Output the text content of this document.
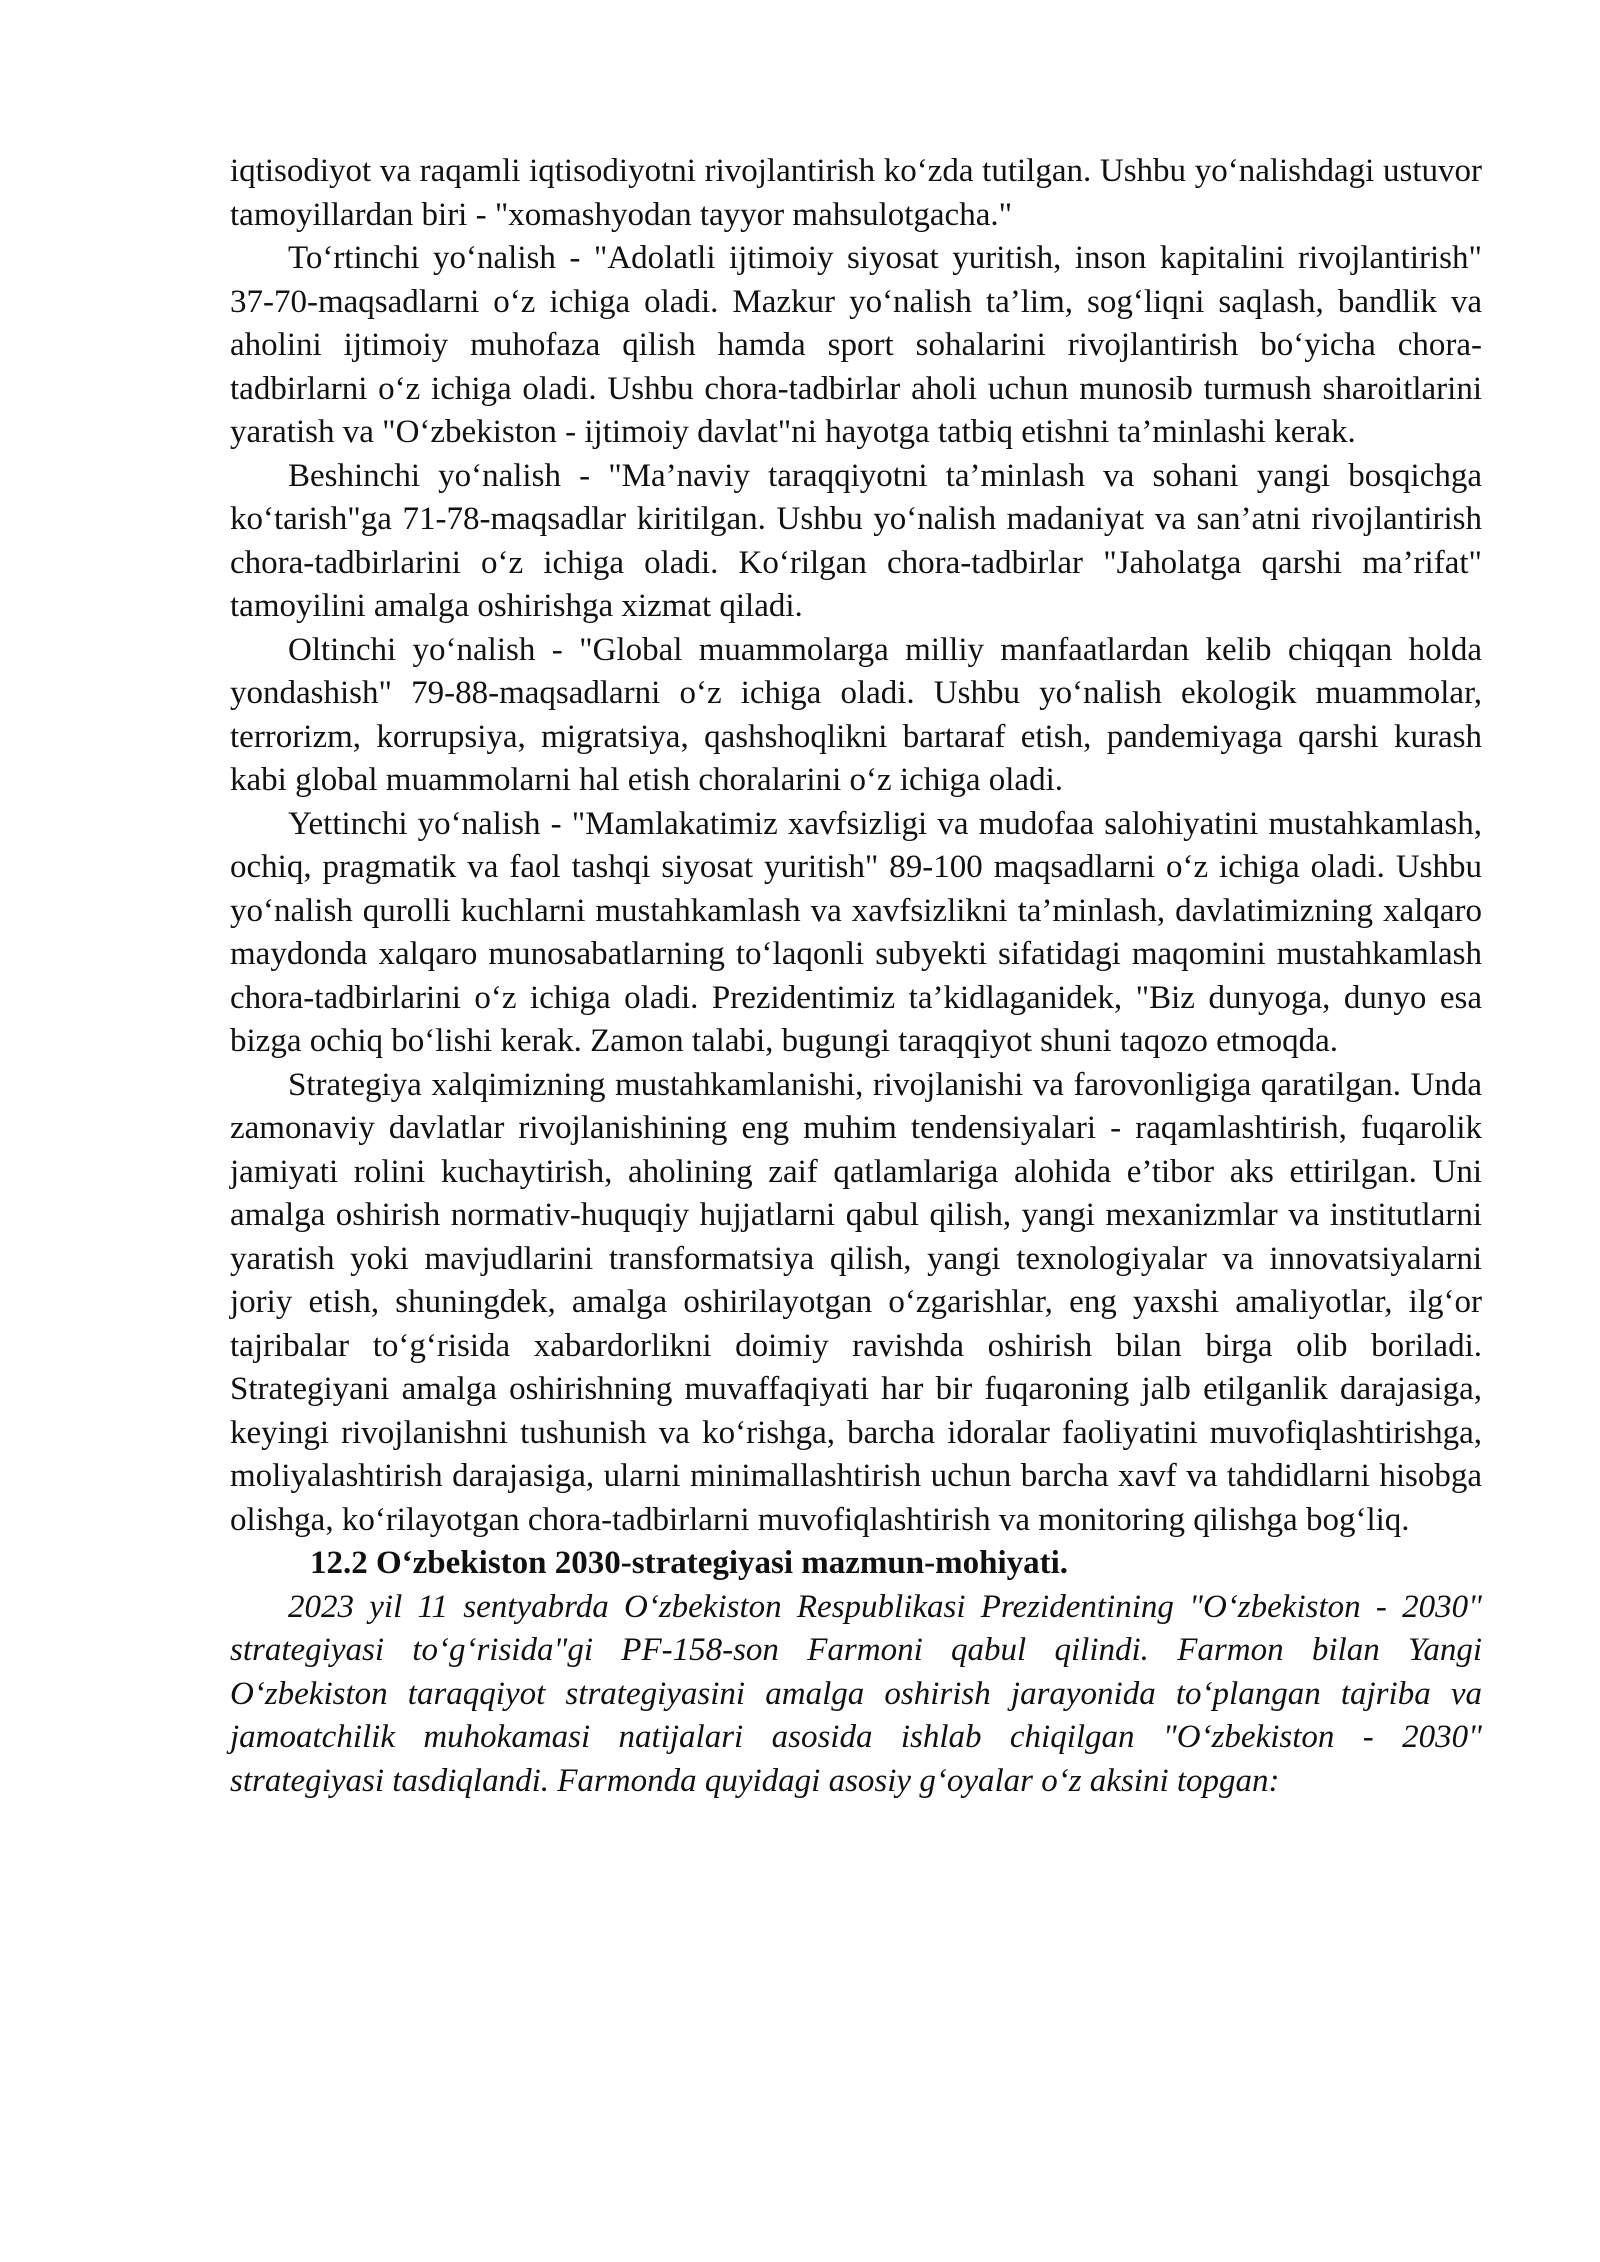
iqtisodiyot va raqamli iqtisodiyotni rivojlantirish ko‘zda tutilgan. Ushbu yo‘nalishdagi ustuvor tamoyillardan biri - "xomashyodan tayyor mahsulotgacha."

To‘rtinchi yo‘nalish - "Adolatli ijtimoiy siyosat yuritish, inson kapitalini rivojlantirish" 37-70-maqsadlarni o‘z ichiga oladi. Mazkur yo‘nalish ta’lim, sog‘liqni saqlash, bandlik va aholini ijtimoiy muhofaza qilish hamda sport sohalarini rivojlantirish bo‘yicha chora-tadbirlarni o‘z ichiga oladi. Ushbu chora-tadbirlar aholi uchun munosib turmush sharoitlarini yaratish va "O‘zbekiston - ijtimoiy davlat"ni hayotga tatbiq etishni ta’minlashi kerak.

Beshinchi yo‘nalish - "Ma’naviy taraqqiyotni ta’minlash va sohani yangi bosqichga ko‘tarish"ga 71-78-maqsadlar kiritilgan. Ushbu yo‘nalish madaniyat va san’atni rivojlantirish chora-tadbirlarini o‘z ichiga oladi. Ko‘rilgan chora-tadbirlar "Jaholatga qarshi ma’rifat" tamoyilini amalga oshirishga xizmat qiladi.

Oltinchi yo‘nalish - "Global muammolarga milliy manfaatlardan kelib chiqqan holda yondashish" 79-88-maqsadlarni o‘z ichiga oladi. Ushbu yo‘nalish ekologik muammolar, terrorizm, korrupsiya, migratsiya, qashshoqlikni bartaraf etish, pandemiyaga qarshi kurash kabi global muammolarni hal etish choralarini o‘z ichiga oladi.

Yettinchi yo‘nalish - "Mamlakatimiz xavfsizligi va mudofaa salohiyatini mustahkamlash, ochiq, pragmatik va faol tashqi siyosat yuritish" 89-100 maqsadlarni o‘z ichiga oladi. Ushbu yo‘nalish qurolli kuchlarni mustahkamlash va xavfsizlikni ta’minlash, davlatimizning xalqaro maydonda xalqaro munosabatlarning to‘laqonli subyekti sifatidagi maqomini mustahkamlash chora-tadbirlarini o‘z ichiga oladi. Prezidentimiz ta’kidlaganidek, "Biz dunyoga, dunyo esa bizga ochiq bo‘lishi kerak. Zamon talabi, bugungi taraqqiyot shuni taqozo etmoqda.

Strategiya xalqimizning mustahkamlanishi, rivojlanishi va farovonligiga qaratilgan. Unda zamonaviy davlatlar rivojlanishining eng muhim tendensiyalari - raqamlashtirish, fuqarolik jamiyati rolini kuchaytirish, aholining zaif qatlamlariga alohida e’tibor aks ettirilgan. Uni amalga oshirish normativ-huquqiy hujjatlarni qabul qilish, yangi mexanizmlar va institutlarni yaratish yoki mavjudlarini transformatsiya qilish, yangi texnologiyalar va innovatsiyalarni joriy etish, shuningdek, amalga oshirilayotgan o‘zgarishlar, eng yaxshi amaliyotlar, ilg‘or tajribalar to‘g‘risida xabardorlikni doimiy ravishda oshirish bilan birga olib boriladi. Strategiyani amalga oshirishning muvaffaqiyati har bir fuqaroning jalb etilganlik darajasiga, keyingi rivojlanishni tushunish va ko‘rishga, barcha idoralar faoliyatini muvofiqlashtirishga, moliyalashtirish darajasiga, ularni minimallashtirish uchun barcha xavf va tahdidlarni hisobga olishga, ko‘rilayotgan chora-tadbirlarni muvofiqlashtirish va monitoring qilishga bog‘liq.

12.2 O‘zbekiston 2030-strategiyasi mazmun-mohiyati.

2023 yil 11 sentyabrda O‘zbekiston Respublikasi Prezidentining "O‘zbekiston - 2030" strategiyasi to‘g‘risida"gi PF-158-son Farmoni qabul qilindi. Farmon bilan Yangi O‘zbekiston taraqqiyot strategiyasini amalga oshirish jarayonida to‘plangan tajriba va jamoatchilik muhokamasi natijalari asosida ishlab chiqilgan "O‘zbekiston - 2030" strategiyasi tasdiqlandi. Farmonda quyidagi asosiy g‘oyalar o‘z aksini topgan:
